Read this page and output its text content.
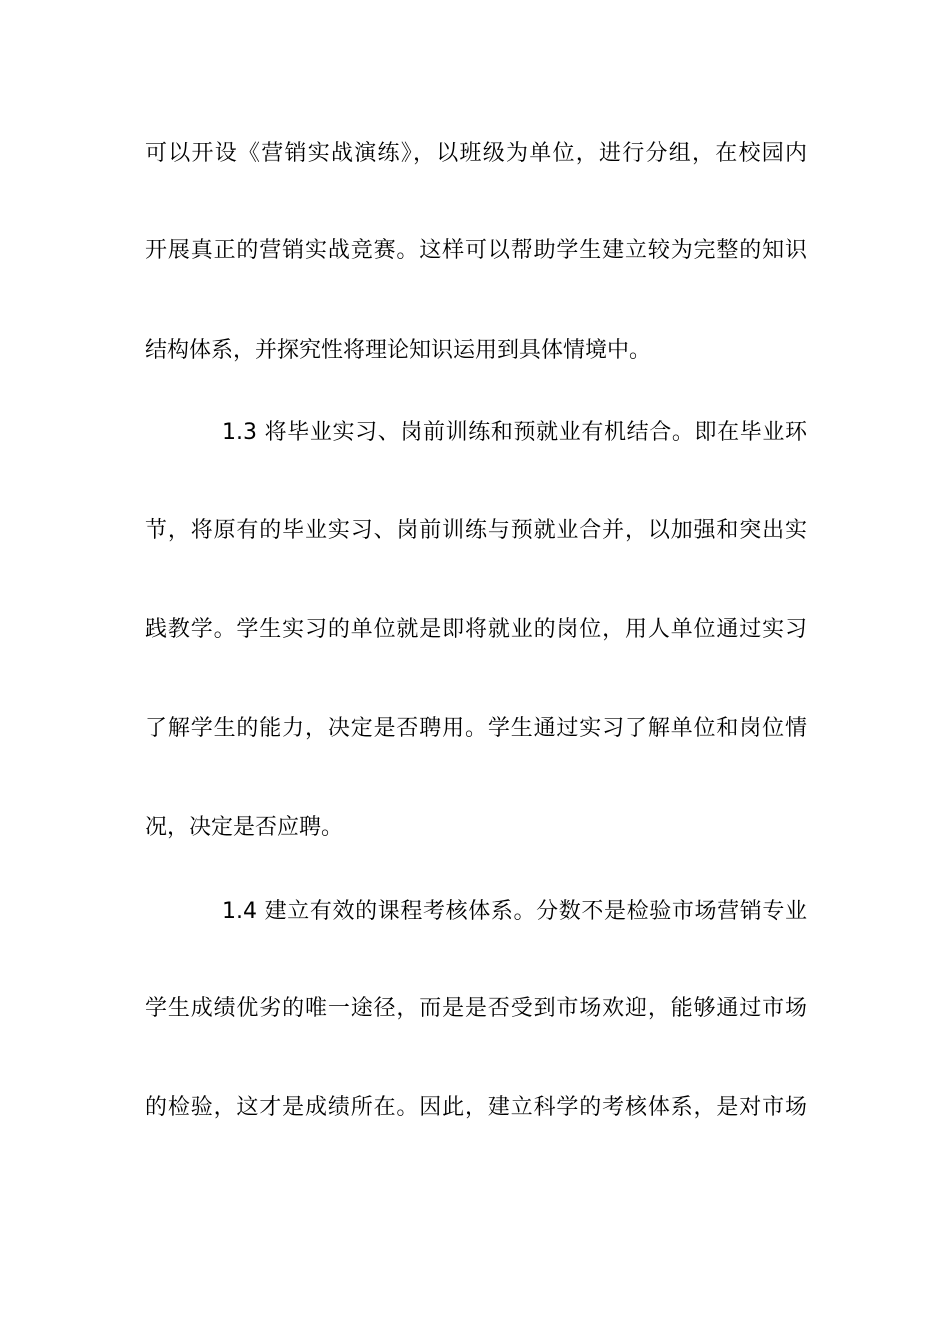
可以开设《营销实战演练》，以班级为单位，进行分组，在校园内
开展真正的营销实战竞赛。这样可以帮助学生建立较为完整的知识
结构体系，并探究性将理论知识运用到具体情境中。
1.3 将毕业实习、岗前训练和预就业有机结合。即在毕业环
节，将原有的毕业实习、岗前训练与预就业合并，以加强和突出实
践教学。学生实习的单位就是即将就业的岗位，用人单位通过实习
了解学生的能力，决定是否聘用。学生通过实习了解单位和岗位情
况，决定是否应聘。
1.4 建立有效的课程考核体系。分数不是检验市场营销专业
学生成绩优劣的唯一途径，而是是否受到市场欢迎，能够通过市场
的检验，这才是成绩所在。因此，建立科学的考核体系，是对市场
